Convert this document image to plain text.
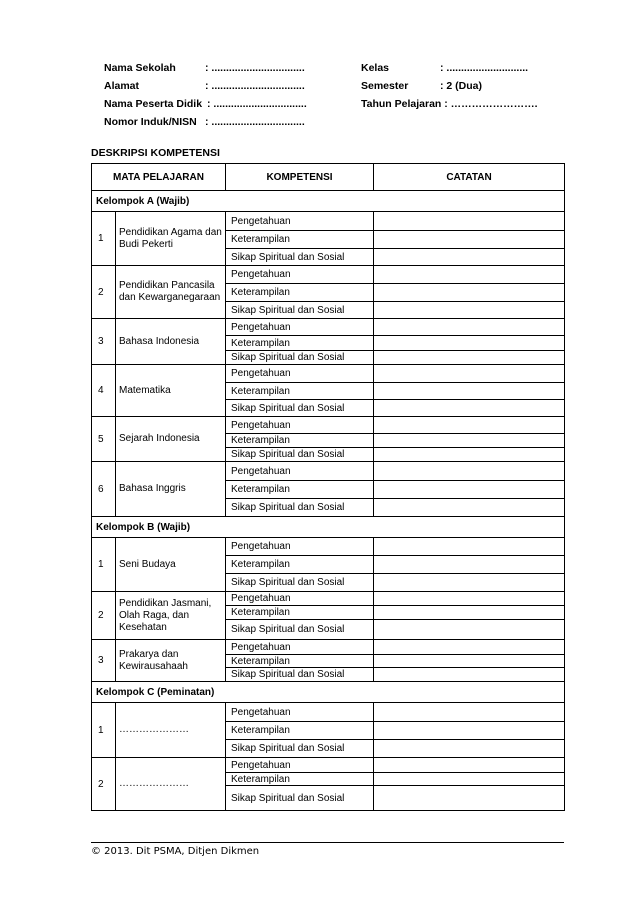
Nama Sekolah	: ................................
Alamat	: ................................
Nama Peserta Didik : ................................
Nomor Induk/NISN : ................................
Kelas	: ............................
Semester	: 2 (Dua)
Tahun Pelajaran : …………………….
DESKRIPSI KOMPETENSI
MATA PELAJARAN		KOMPETENSI	CATATAN
Kelompok A (Wajib)			
1	Pendidikan Agama dan Budi Pekerti	Pengetahuan	
		Keterampilan	
		Sikap Spiritual dan Sosial	
2	Pendidikan Pancasila dan Kewarganegaraan	Pengetahuan	
		Keterampilan	
		Sikap Spiritual dan Sosial	
3	Bahasa Indonesia	Pengetahuan	
		Keterampilan	
		Sikap Spiritual dan Sosial	
4	Matematika	Pengetahuan	
		Keterampilan	
		Sikap Spiritual dan Sosial	
5	Sejarah Indonesia	Pengetahuan	
		Keterampilan	
		Sikap Spiritual dan Sosial	
6	Bahasa Inggris	Pengetahuan	
		Keterampilan	
		Sikap Spiritual dan Sosial	
Kelompok B (Wajib)			
1	Seni Budaya	Pengetahuan	
		Keterampilan	
		Sikap Spiritual dan Sosial	
2	Pendidikan Jasmani, Olah Raga, dan Kesehatan	Pengetahuan	
		Keterampilan	
		Sikap Spiritual dan Sosial	
3	Prakarya dan Kewirausahaah	Pengetahuan	
		Keterampilan	
		Sikap Spiritual dan Sosial	
Kelompok C (Peminatan)			
1	…………………	Pengetahuan	
		Keterampilan	
		Sikap Spiritual dan Sosial	
2	…………………	Pengetahuan	
		Keterampilan	
		Sikap Spiritual dan Sosial	
© 2013. Dit PSMA, Ditjen Dikmen
